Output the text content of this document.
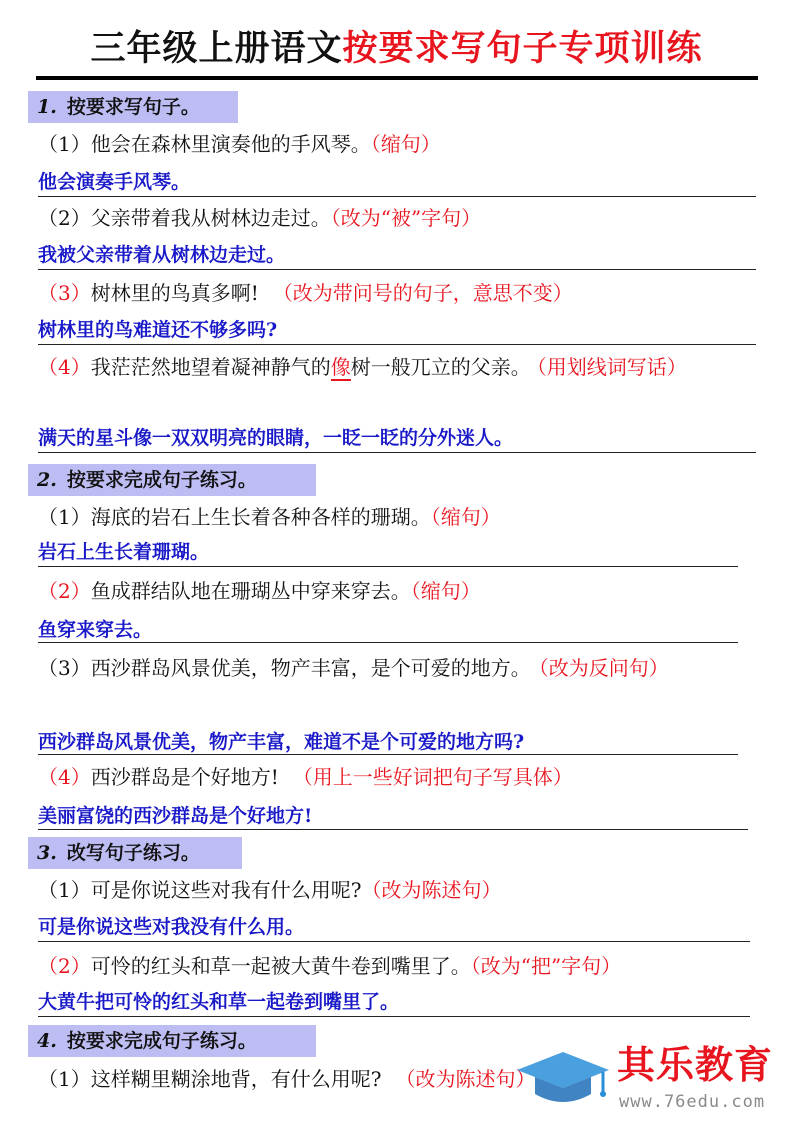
三年级上册语文按要求写句子专项训练
1. 按要求写句子。
（1）他会在森林里演奏他的手风琴。（缩句）
他会演奏手风琴。
（2）父亲带着我从树林边走过。（改为“被”字句）
我被父亲带着从树林边走过。
（3）树林里的鸟真多啊! （改为带问号的句子，意思不变）
树林里的鸟难道还不够多吗?
（4）我茫茫然地望着凝神静气的像树一般兀立的父亲。 （用划线词写话）
满天的星斗像一双双明亮的眼睛，一眨一眨的分外迷人。
2. 按要求完成句子练习。
（1）海底的岩石上生长着各种各样的珊瑚。（缩句）
岩石上生长着珊瑚。
（2）鱼成群结队地在珊瑚丛中穿来穿去。（缩句）
鱼穿来穿去。
（3）西沙群岛风景优美，物产丰富，是个可爱的地方。 （改为反问句）
西沙群岛风景优美，物产丰富，难道不是个可爱的地方吗?
（4）西沙群岛是个好地方! （用上一些好词把句子写具体）
美丽富饶的西沙群岛是个好地方!
3. 改写句子练习。
（1）可是你说这些对我有什么用呢?（改为陈述句）
可是你说这些对我没有什么用。
（2）可怜的红头和草一起被大黄牛卷到嘴里了。（改为“把”字句）
大黄牛把可怜的红头和草一起卷到嘴里了。
4. 按要求完成句子练习。
（1）这样糊里糊涂地背，有什么用呢? （改为陈述句） 其乐教育
www.76edu.com
